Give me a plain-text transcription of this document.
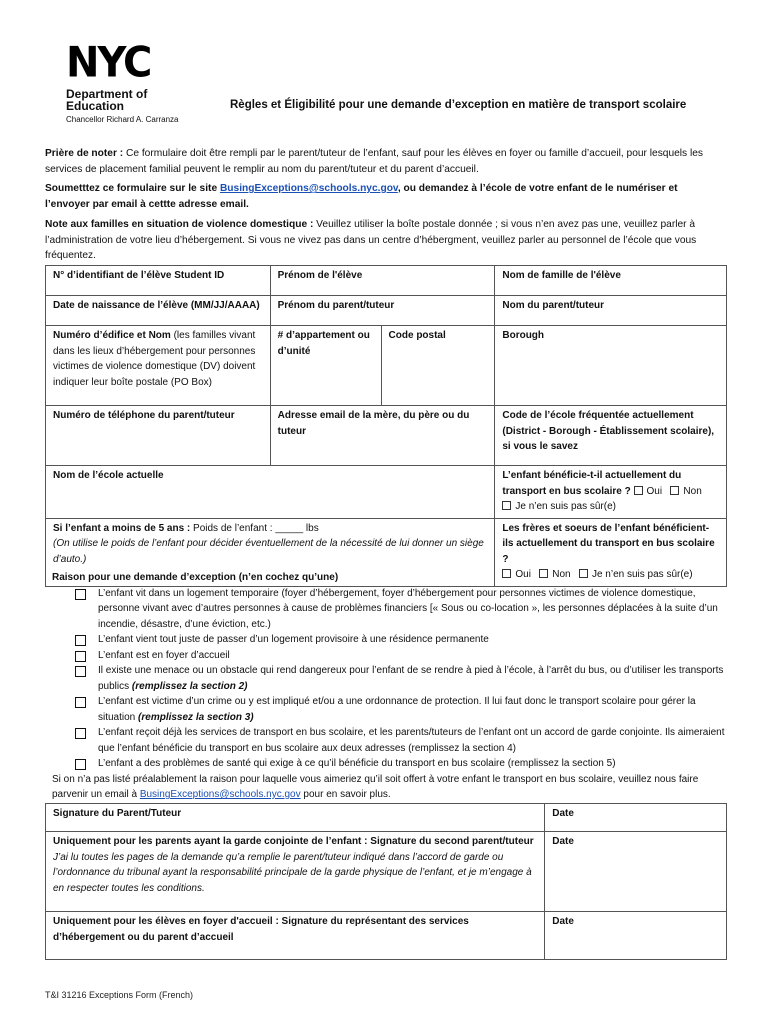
NYC
Department of
Education
Chancellor Richard A. Carranza
Règles et Éligibilité pour une demande d’exception en matière de transport scolaire
Prière de noter : Ce formulaire doit être rempli par le parent/tuteur de l’enfant, sauf pour les élèves en foyer ou famille d’accueil, pour lesquels les services de placement familial peuvent le remplir au nom du parent/tuteur et du parent d’accueil.
Soumetttez ce formulaire sur le site BusingExceptions@schools.nyc.gov, ou demandez à l’école de votre enfant de le numériser et l’envoyer par email à cettte adresse email.
Note aux familles en situation de violence domestique : Veuillez utiliser la boîte postale donnée ; si vous n’en avez pas une, veuillez parler à l’administration de votre lieu d’hébergement. Si vous ne vivez pas dans un centre d’hébergment, veuillez parler au personnel de l’école que vous fréquentez.
N° d’identifiant de l’élève Student ID	Prénom de l'élève		Nom de famille de l'élève
Date de naissance de l’élève (MM/JJ/AAAA)	Prénom du parent/tuteur		Nom du parent/tuteur
Numéro d’édifice et Nom (les familles vivant dans les lieux d’hébergement pour personnes victimes de violence domestique (DV) doivent indiquer leur boîte postale (PO Box)	# d’appartement ou d’unité	Code postal	Borough
Numéro de téléphone du parent/tuteur	Adresse email de la mère, du père ou du tuteur		Code de l’école fréquentée actuellement (District - Borough - Établissement scolaire), si vous le savez
Nom de l’école actuelle			L’enfant bénéficie-t-il actuellement du transport en bus scolaire ? Oui Non
Je n’en suis pas sûr(e)
Si l’enfant a moins de 5 ans : Poids de l’enfant : _____ lbs
(On utilise le poids de l’enfant pour décider éventuellement de la nécessité de lui donner un siège d’auto.)			Les frères et soeurs de l’enfant bénéficient-ils actuellement du transport en bus scolaire ?
Oui Non Je n’en suis pas sûr(e)
Raison pour une demande d’exception (n’en cochez qu’une)
L’enfant vit dans un logement temporaire (foyer d’hébergement, foyer d’hébergement pour personnes victimes de violence domestique, personne vivant avec d’autres personnes à cause de problèmes financiers [« Sous ou co-location », les personnes déplacées à la suite d’un incendie, désastre, d’une éviction, etc.)
L’enfant vient tout juste de passer d’un logement provisoire à une résidence permanente
L’enfant est en foyer d’accueil
Il existe une menace ou un obstacle qui rend dangereux pour l’enfant de se rendre à pied à l’école, à l’arrêt du bus, ou d’utiliser les transports publics (remplissez la section 2)
L’enfant est victime d’un crime ou y est impliqué et/ou a une ordonnance de protection. Il lui faut donc le transport scolaire pour gérer la situation (remplissez la section 3)
L’enfant reçoit déjà les services de transport en bus scolaire, et les parents/tuteurs de l’enfant ont un accord de garde conjointe. Ils aimeraient que l’enfant bénéficie du transport en bus scolaire aux deux adresses (remplissez la section 4)
L’enfant a des problèmes de santé qui exige à ce qu’il bénéficie du transport en bus scolaire (remplissez la section 5)
Si on n’a pas listé préalablement la raison pour laquelle vous aimeriez qu’il soit offert à votre enfant le transport en bus scolaire, veuillez nous faire parvenir un email à BusingExceptions@schools.nyc.gov pour en savoir plus.
Signature du Parent/Tuteur	Date
Uniquement pour les parents ayant la garde conjointe de l’enfant : Signature du second parent/tuteur
J’ai lu toutes les pages de la demande qu’a remplie le parent/tuteur indiqué dans l’accord de garde ou l’ordonnance du tribunal ayant la responsabilité principale de la garde physique de l’enfant, et je m’engage à en respecter toutes les conditions.	Date
Uniquement pour les élèves en foyer d'accueil : Signature du représentant des services d’hébergement ou du parent d’accueil	Date
T&I 31216 Exceptions Form (French)
